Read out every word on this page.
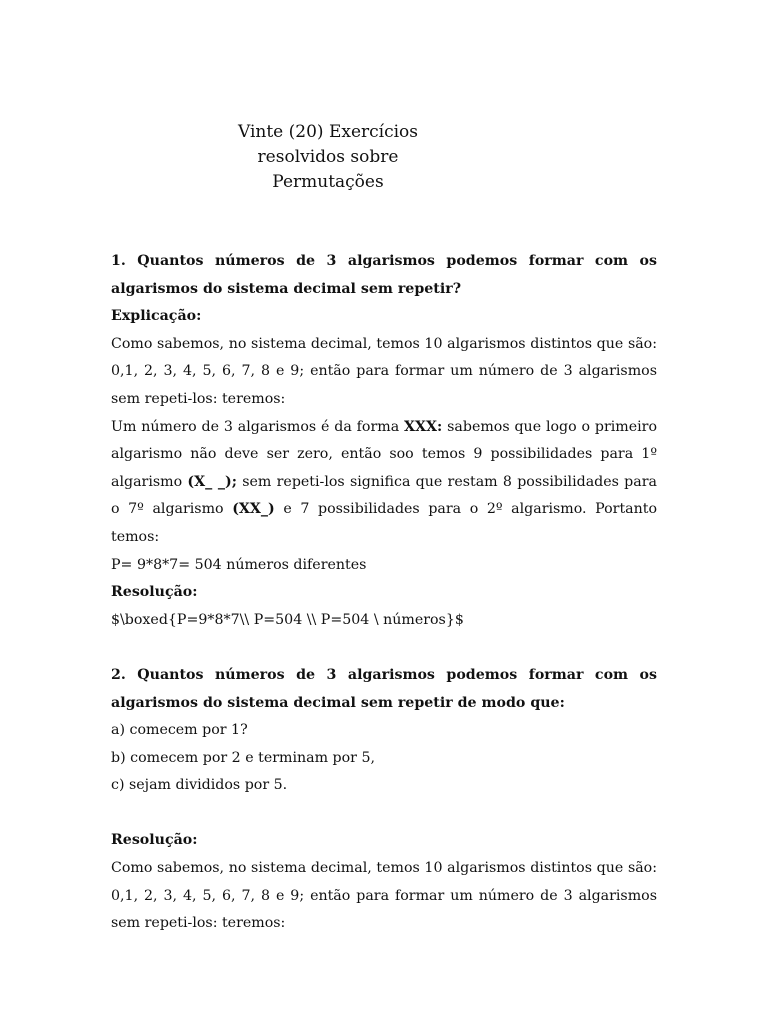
Vinte (20) Exercícios
resolvidos sobre
Permutações

1. Quantos números de 3 algarismos podemos formar com os algarismos do sistema decimal sem repetir?

Explicação:

Como sabemos, no sistema decimal, temos 10 algarismos distintos que são: 0,1, 2, 3, 4, 5, 6, 7, 8 e 9; então para formar um número de 3 algarismos sem repeti-los: teremos:

Um número de 3 algarismos é da forma XXX: sabemos que logo o primeiro algarismo não deve ser zero, então soo temos 9 possibilidades para 1º algarismo (X_ _); sem repeti-los significa que restam 8 possibilidades para o 7º algarismo (XX_) e 7 possibilidades para o 2º algarismo. Portanto temos:

P= 9*8*7= 504 números diferentes

Resolução:

$\boxed{P=9*8*7\\ P=504 \\ P=504 \ números}$

2. Quantos números de 3 algarismos podemos formar com os algarismos do sistema decimal sem repetir de modo que:

a) comecem por 1?

b) comecem por 2 e terminam por 5,

c) sejam divididos por 5.

Resolução:

Como sabemos, no sistema decimal, temos 10 algarismos distintos que são: 0,1, 2, 3, 4, 5, 6, 7, 8 e 9; então para formar um número de 3 algarismos sem repeti-los: teremos:
